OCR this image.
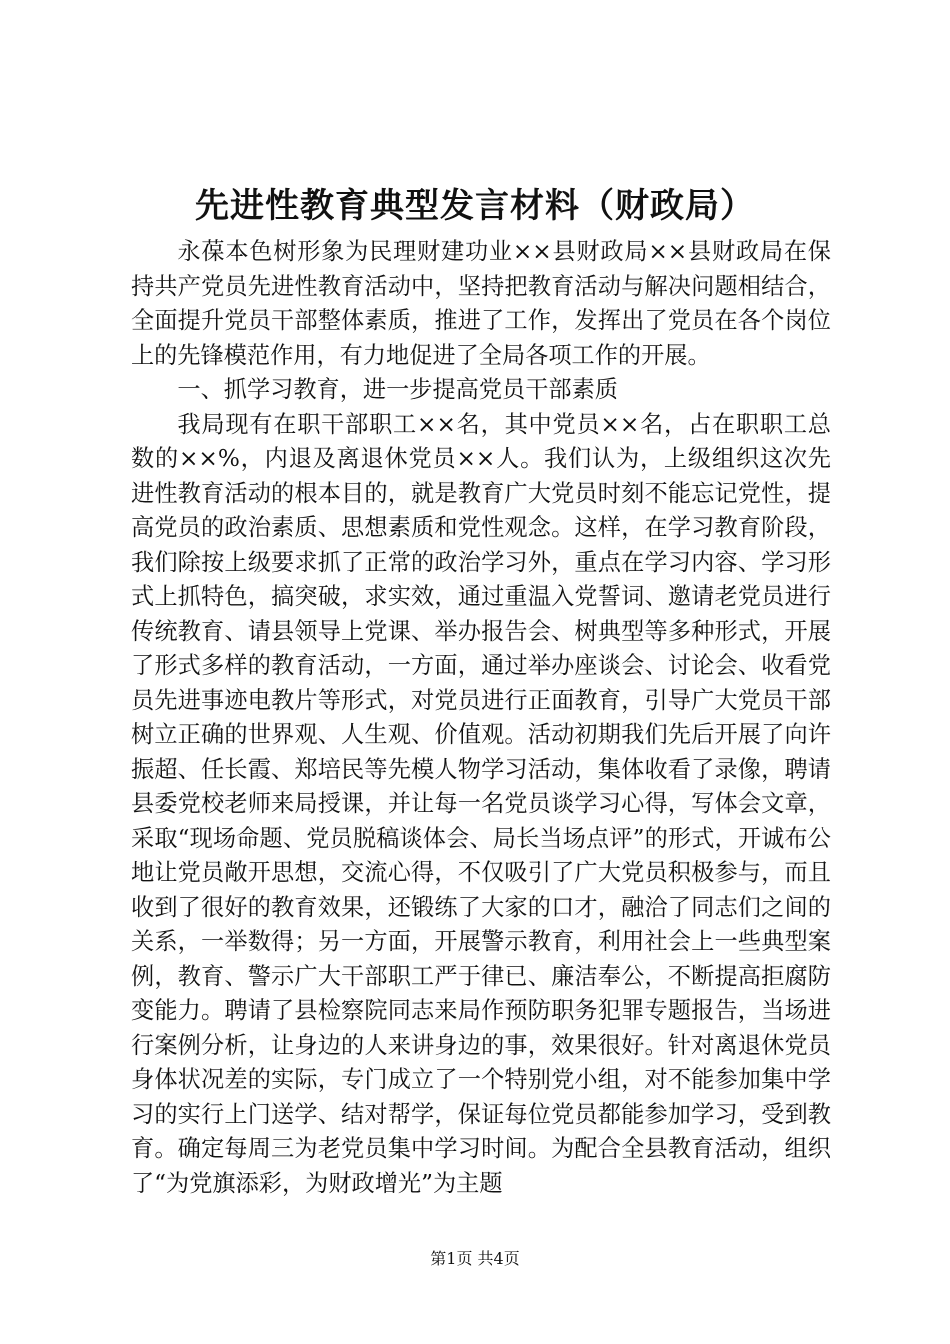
先进性教育典型发言材料（财政局）

永葆本色树形象为民理财建功业××县财政局××县财政局在保持共产党员先进性教育活动中，坚持把教育活动与解决问题相结合，全面提升党员干部整体素质，推进了工作，发挥出了党员在各个岗位上的先锋模范作用，有力地促进了全局各项工作的开展。

一、抓学习教育，进一步提高党员干部素质

我局现有在职干部职工××名，其中党员××名，占在职职工总数的××%，内退及离退休党员××人。我们认为，上级组织这次先进性教育活动的根本目的，就是教育广大党员时刻不能忘记党性，提高党员的政治素质、思想素质和党性观念。这样，在学习教育阶段，我们除按上级要求抓了正常的政治学习外，重点在学习内容、学习形式上抓特色，搞突破，求实效，通过重温入党誓词、邀请老党员进行传统教育、请县领导上党课、举办报告会、树典型等多种形式，开展了形式多样的教育活动，一方面，通过举办座谈会、讨论会、收看党员先进事迹电教片等形式，对党员进行正面教育，引导广大党员干部树立正确的世界观、人生观、价值观。活动初期我们先后开展了向许振超、任长霞、郑培民等先模人物学习活动，集体收看了录像，聘请县委党校老师来局授课，并让每一名党员谈学习心得，写体会文章，采取“现场命题、党员脱稿谈体会、局长当场点评”的形式，开诚布公地让党员敞开思想，交流心得，不仅吸引了广大党员积极参与，而且收到了很好的教育效果，还锻练了大家的口才，融洽了同志们之间的关系，一举数得；另一方面，开展警示教育，利用社会上一些典型案例，教育、警示广大干部职工严于律已、廉洁奉公，不断提高拒腐防变能力。聘请了县检察院同志来局作预防职务犯罪专题报告，当场进行案例分析，让身边的人来讲身边的事，效果很好。针对离退休党员身体状况差的实际，专门成立了一个特别党小组，对不能参加集中学习的实行上门送学、结对帮学，保证每位党员都能参加学习，受到教育。确定每周三为老党员集中学习时间。为配合全县教育活动，组织了“为党旗添彩，为财政增光”为主题

第1页 共4页
